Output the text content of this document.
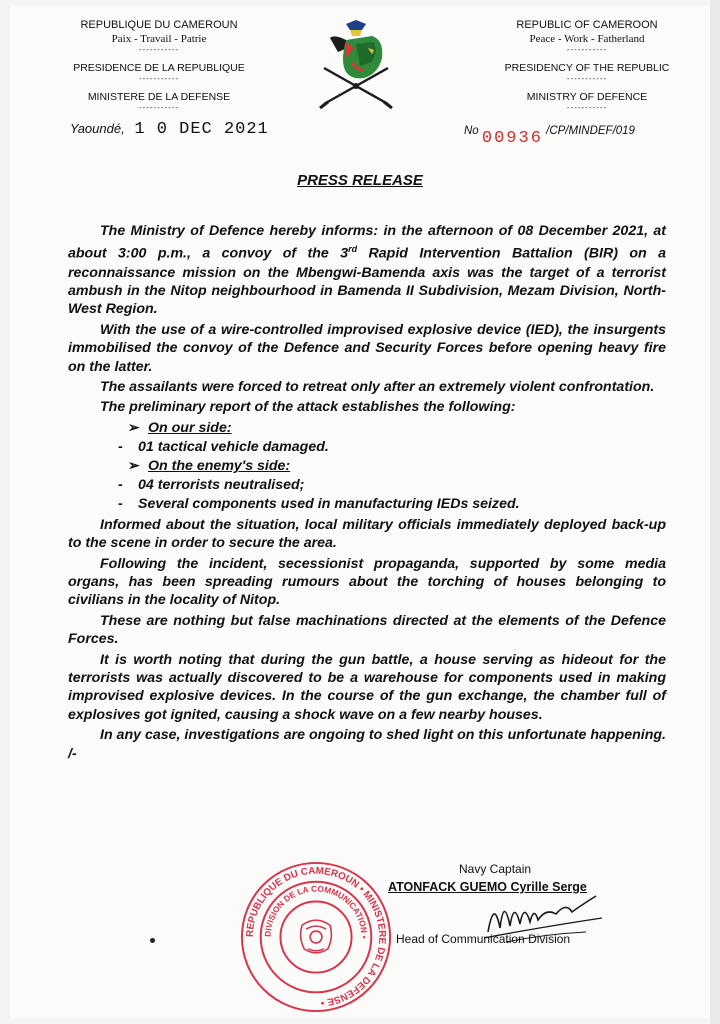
REPUBLIQUE DU CAMEROUN
Paix - Travail - Patrie
-----------
PRESIDENCE DE LA REPUBLIQUE
-----------
MINISTERE DE LA DEFENSE
-----------
REPUBLIC OF CAMEROON
Peace - Work - Fatherland
-----------
PRESIDENCY OF THE REPUBLIC
-----------
MINISTRY OF DEFENCE
-----------
Yaoundé, 1 0 DEC 2021	No 00936 /CP/MINDEF/019
PRESS RELEASE

The Ministry of Defence hereby informs: in the afternoon of 08 December 2021, at about 3:00 p.m., a convoy of the 3rd Rapid Intervention Battalion (BIR) on a reconnaissance mission on the Mbengwi-Bamenda axis was the target of a terrorist ambush in the Nitop neighbourhood in Bamenda II Subdivision, Mezam Division, North-West Region.

With the use of a wire-controlled improvised explosive device (IED), the insurgents immobilised the convoy of the Defence and Security Forces before opening heavy fire on the latter.

The assailants were forced to retreat only after an extremely violent confrontation.

The preliminary report of the attack establishes the following:

➢ On our side:
- 01 tactical vehicle damaged.
➢ On the enemy's side:
- 04 terrorists neutralised;
- Several components used in manufacturing IEDs seized.

Informed about the situation, local military officials immediately deployed back-up to the scene in order to secure the area.

Following the incident, secessionist propaganda, supported by some media organs, has been spreading rumours about the torching of houses belonging to civilians in the locality of Nitop.

These are nothing but false machinations directed at the elements of the Defence Forces.

It is worth noting that during the gun battle, a house serving as hideout for the terrorists was actually discovered to be a warehouse for components used in making improvised explosive devices. In the course of the gun exchange, the chamber full of explosives got ignited, causing a shock wave on a few nearby houses.

In any case, investigations are ongoing to shed light on this unfortunate happening. /-

REPUBLIQUE DU CAMEROUN • MINISTERE DE LA DEFENSE •
DIVISION DE LA COMMUNICATION •
Navy Captain
ATONFACK GUEMO Cyrille Serge
Head of Communication Division
